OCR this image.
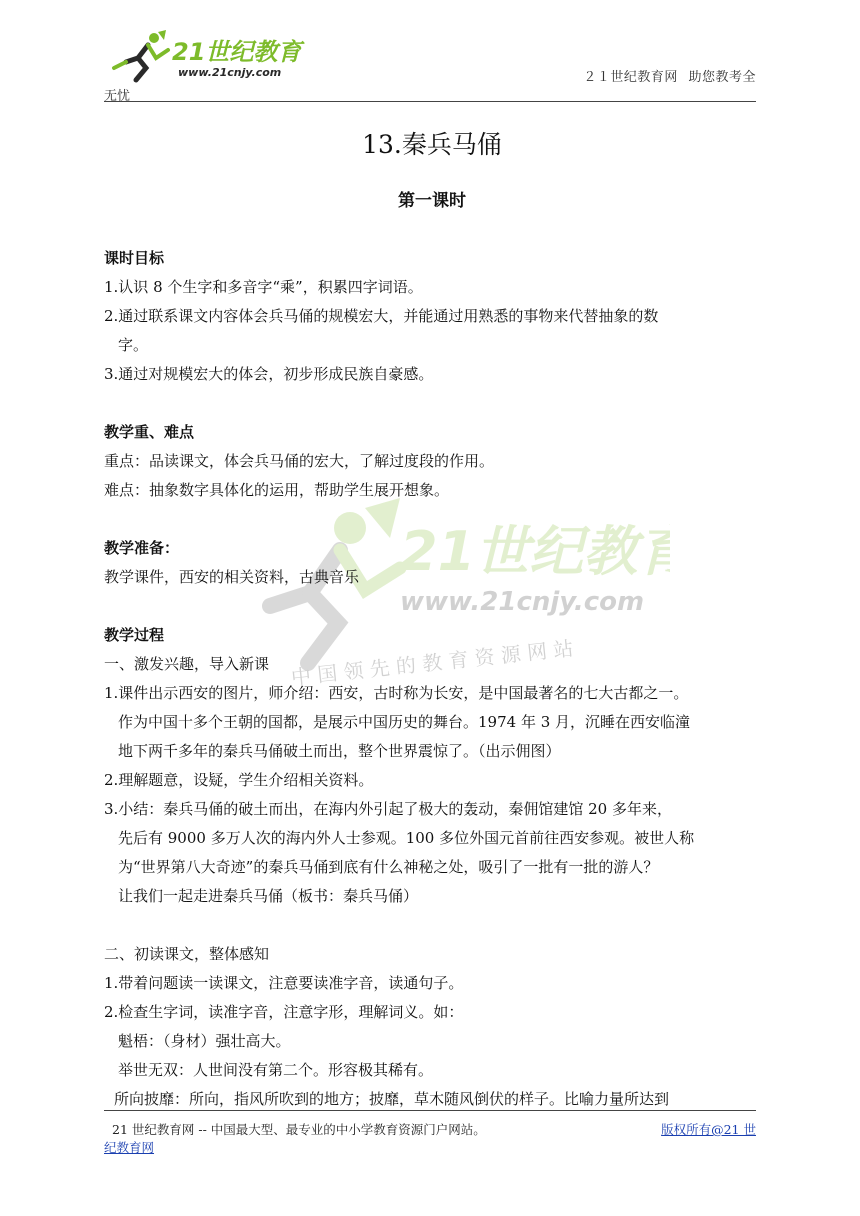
21世纪教育
www.21cnjy.com	２１世纪教育网 助您教考全
无忧
21世纪教育
www.21cnjy.com
中 国 领 先 的 教 育 资 源 网 站
13.秦兵马俑
第一课时
课时目标
1.认识 8 个生字和多音字“乘”，积累四字词语。
2.通过联系课文内容体会兵马俑的规模宏大，并能通过用熟悉的事物来代替抽象的数
字。
3.通过对规模宏大的体会，初步形成民族自豪感。
教学重、难点
重点：品读课文，体会兵马俑的宏大，了解过度段的作用。
难点：抽象数字具体化的运用，帮助学生展开想象。
教学准备：
教学课件，西安的相关资料，古典音乐
教学过程
一、激发兴趣，导入新课
1.课件出示西安的图片，师介绍：西安，古时称为长安，是中国最著名的七大古都之一。
作为中国十多个王朝的国都，是展示中国历史的舞台。1974 年 3 月，沉睡在西安临潼
地下两千多年的秦兵马俑破土而出，整个世界震惊了。（出示佣图）
2.理解题意，设疑，学生介绍相关资料。
3.小结：秦兵马俑的破土而出，在海内外引起了极大的轰动，秦佣馆建馆 20 多年来，
先后有 9000 多万人次的海内外人士参观。100 多位外国元首前往西安参观。被世人称
为“世界第八大奇迹”的秦兵马俑到底有什么神秘之处，吸引了一批有一批的游人？
让我们一起走进秦兵马俑（板书：秦兵马俑）
二、初读课文，整体感知
1.带着问题读一读课文，注意要读准字音，读通句子。
2.检查生字词，读准字音，注意字形，理解词义。如：
魁梧：（身材）强壮高大。
举世无双：人世间没有第二个。形容极其稀有。
所向披靡：所向，指风所吹到的地方；披靡，草木随风倒伏的样子。比喻力量所达到
21 世纪教育网 -- 中国最大型、最专业的中小学教育资源门户网站。	版权所有@21 世
纪教育网
